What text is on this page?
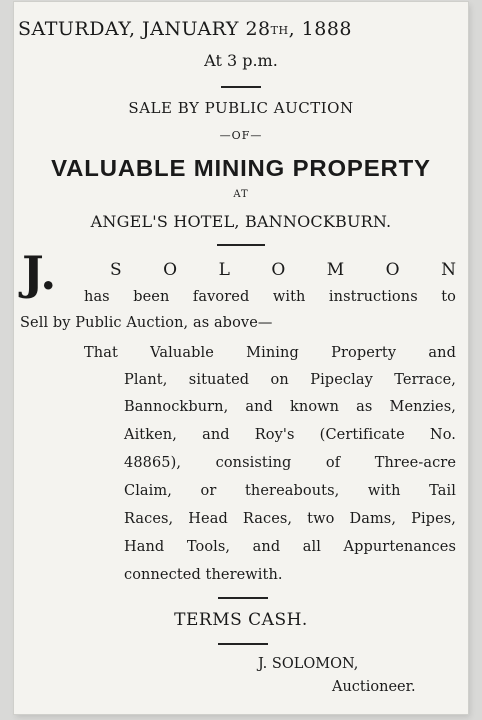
SATURDAY, JANUARY 28TH, 1888
At 3 p.m.
SALE BY PUBLIC AUCTION
—OF—
VALUABLE MINING PROPERTY
AT
ANGEL'S HOTEL, BANNOCKBURN.
J.	S O L O M O N
has been favored with instructions to
Sell by Public Auction, as above—
That Valuable Mining Property and
Plant, situated on Pipeclay Terrace,
Bannockburn, and known as Menzies,
Aitken, and Roy's (Certificate No.
48865), consisting of Three-acre
Claim, or thereabouts, with Tail
Races, Head Races, two Dams, Pipes,
Hand Tools, and all Appurtenances
connected therewith.
TERMS CASH.
J. SOLOMON,
Auctioneer.
